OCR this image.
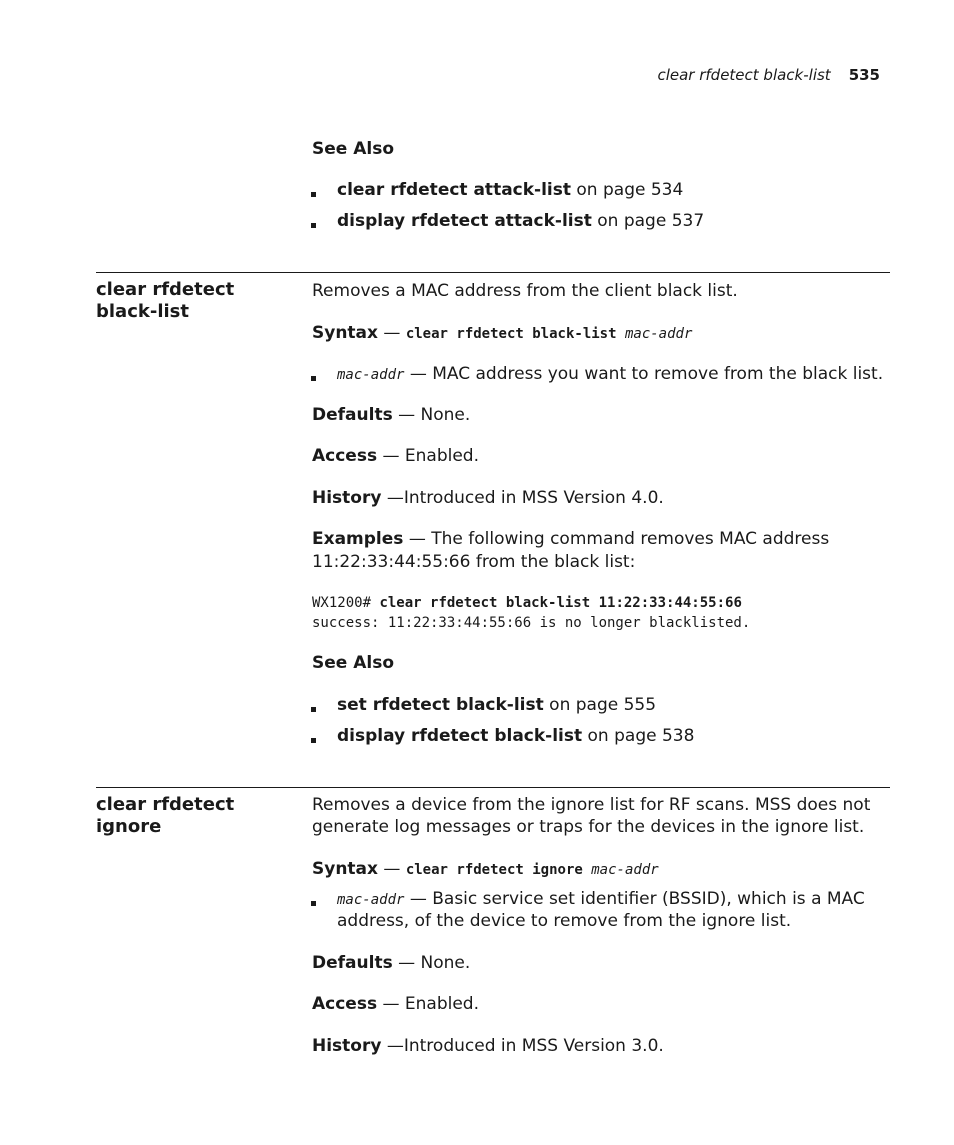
clear rfdetect black-list 535
See Also
clear rfdetect attack-list on page 534
display rfdetect attack-list on page 537
clear rfdetect
black-list
Removes a MAC address from the client black list.
Syntax — clear rfdetect black-list mac-addr
mac-addr — MAC address you want to remove from the black list.
Defaults — None.
Access — Enabled.
History —Introduced in MSS Version 4.0.
Examples — The following command removes MAC address
11:22:33:44:55:66 from the black list:
WX1200# clear rfdetect black-list 11:22:33:44:55:66
success: 11:22:33:44:55:66 is no longer blacklisted.
See Also
set rfdetect black-list on page 555
display rfdetect black-list on page 538
clear rfdetect
ignore
Removes a device from the ignore list for RF scans. MSS does not
generate log messages or traps for the devices in the ignore list.
Syntax — clear rfdetect ignore mac-addr
mac-addr — Basic service set identifier (BSSID), which is a MAC
address, of the device to remove from the ignore list.
Defaults — None.
Access — Enabled.
History —Introduced in MSS Version 3.0.
